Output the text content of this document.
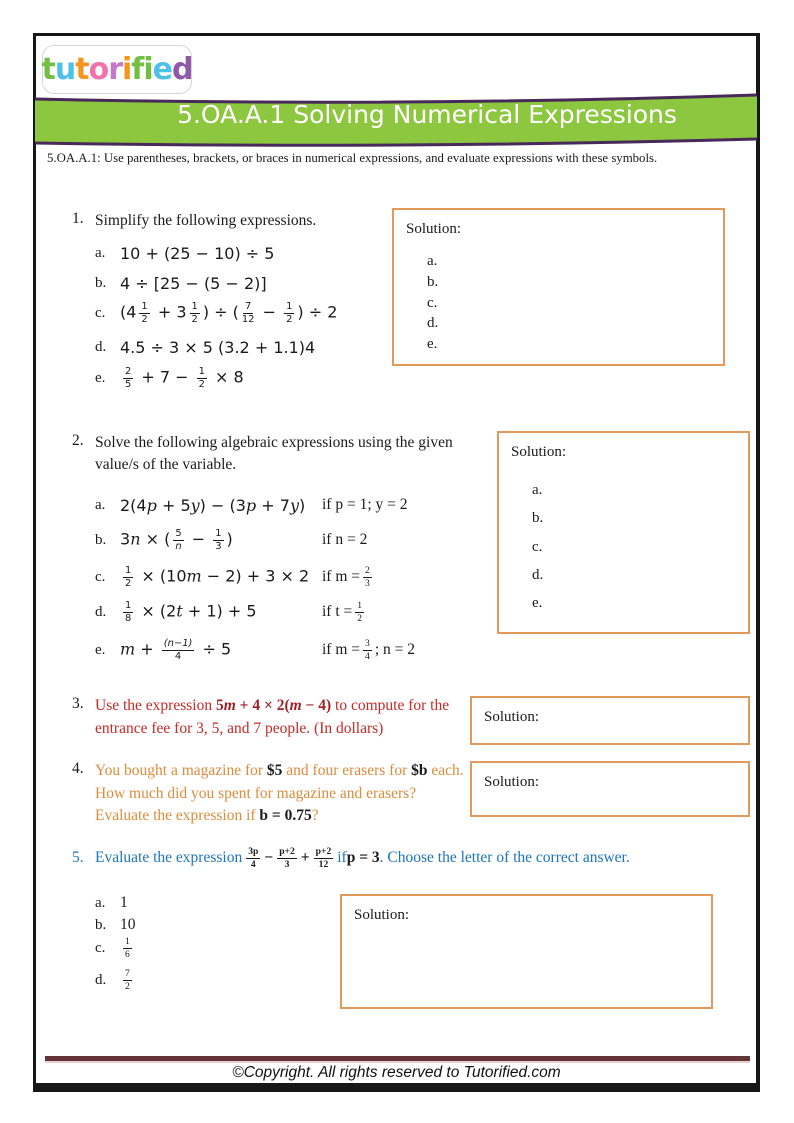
t u t o r i f i e d
5.OA.A.1 Solving Numerical Expressions
5.OA.A.1: Use parentheses, brackets, or braces in numerical expressions, and evaluate expressions with these symbols.
1. Simplify the following expressions.
a. 10 + (25 − 10) ÷ 5
b. 4 ÷ [25 − (5 − 2)]
c. ($4 \frac{1}{2} + 3 \frac{1}{2}$ ) ÷ ( $\frac{7}{12} - \frac{1}{2}$ ) ÷ 2
d. 4.5 ÷ 3 × 5 (3.2 + 1.1)4
e.	$\frac{2}{5} + 7 - \frac{1}{2} \times 8$
Solution:
a.
b.
c.
d.
e.
2. Solve the following algebraic expressions using the given value/s of the variable.
a. 2(4p + 5y) − (3p + 7y) if p = 1; y = 2
b. 3n × ( $\frac{5}{n} - \frac{1}{3}$ )	if n = 2
c.	$\frac{1}{2} \times (10m - 2) + 3 \times 2$ if $m = \frac{2}{3}$
d.	$\frac{1}{8} \times (2t + 1) + 5$	if $t = \frac{1}{2}$
e. $m + \frac{(n-1)}{4} \div 5$	if $m = \frac{3}{4}$ ; n = 2
Solution:
a.
b.
c.
d.
e.
3. Use the expression 5m + 4 × 2(m − 4) to compute for the entrance fee for 3, 5, and 7 people. (In dollars)
Solution:
4. You bought a magazine for $5 and four erasers for $b each. How much did you spent for magazine and erasers? Evaluate the expression if b = 0.75?
Solution:
5. Evaluate the expression $\frac{3p}{4} - \frac{p+2}{3} + \frac{p+2}{12}$ if p = 3 . Choose the letter of the correct answer.
a. 1
b. 10
c.	$\frac{1}{6}$
d.	$\frac{7}{2}$
Solution:
©Copyright. All rights reserved to Tutorified.com
